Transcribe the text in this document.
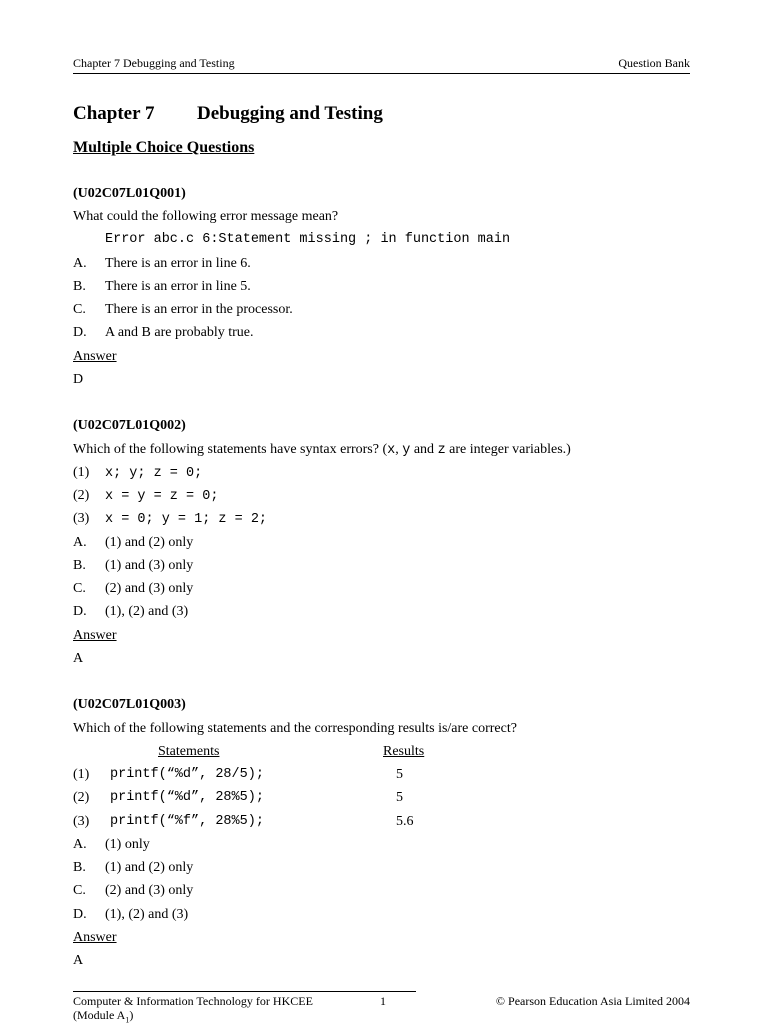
Chapter 7 Debugging and Testing	Question Bank
Chapter 7 Debugging and Testing
Multiple Choice Questions
(U02C07L01Q001)
What could the following error message mean?
Error abc.c 6:Statement missing ; in function main
A. There is an error in line 6.
B. There is an error in line 5.
C. There is an error in the processor.
D. A and B are probably true.
Answer
D
(U02C07L01Q002)
Which of the following statements have syntax errors? (x, y and z are integer variables.)
(1) x; y; z = 0;
(2) x = y = z = 0;
(3) x = 0; y = 1; z = 2;
A. (1) and (2) only
B. (1) and (3) only
C. (2) and (3) only
D. (1), (2) and (3)
Answer
A
(U02C07L01Q003)
Which of the following statements and the corresponding results is/are correct?
Statements	Results
(1) printf(“%d”, 28/5);	5
(2) printf(“%d”, 28%5);	5
(3) printf(“%f”, 28%5);	5.6
A. (1) only
B. (1) and (2) only
C. (2) and (3) only
D. (1), (2) and (3)
Answer
A
Computer & Information Technology for HKCEE
(Module $A_1$)
1	© Pearson Education Asia Limited 2004
